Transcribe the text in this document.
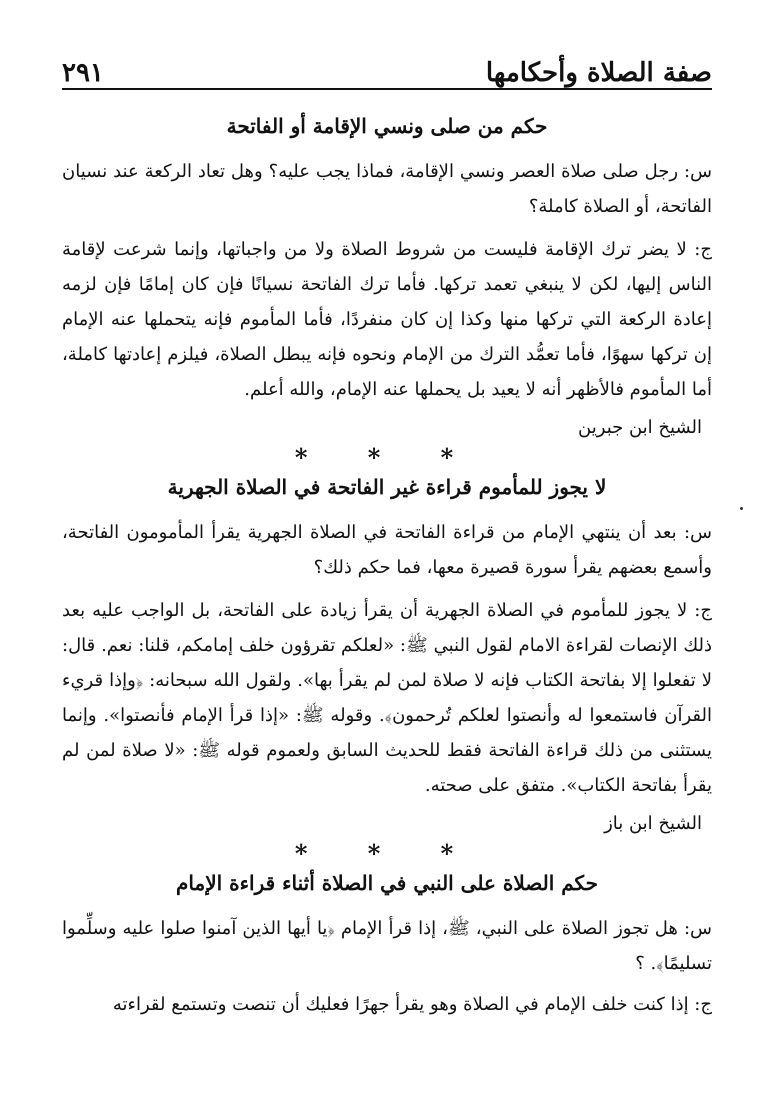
صفة الصلاة وأحكامها
٢٩١
حكم من صلى ونسي الإقامة أو الفاتحة

س: رجل صلى صلاة العصر ونسي الإقامة، فماذا يجب عليه؟ وهل تعاد الركعة عند نسيان الفاتحة، أو الصلاة كاملة؟

ج: لا يضر ترك الإقامة فليست من شروط الصلاة ولا من واجباتها، وإنما شرعت لإقامة الناس إليها، لكن لا ينبغي تعمد تركها. فأما ترك الفاتحة نسيانًا فإن كان إمامًا فإن لزمه إعادة الركعة التي تركها منها وكذا إن كان منفردًا، فأما المأموم فإنه يتحملها عنه الإمام إن تركها سهوًا، فأما تعمُّد الترك من الإمام ونحوه فإنه يبطل الصلاة، فيلزم إعادتها كاملة، أما المأموم فالأظهر أنه لا يعيد بل يحملها عنه الإمام، والله أعلم.

الشيخ ابن جبرين
* * *
لا يجوز للمأموم قراءة غير الفاتحة في الصلاة الجهرية

س: بعد أن ينتهي الإمام من قراءة الفاتحة في الصلاة الجهرية يقرأ المأمومون الفاتحة، وأسمع بعضهم يقرأ سورة قصيرة معها، فما حكم ذلك؟

ج: لا يجوز للمأموم في الصلاة الجهرية أن يقرأ زيادة على الفاتحة، بل الواجب عليه بعد ذلك الإنصات لقراءة الامام لقول النبي ﷺ: «لعلكم تقرؤون خلف إمامكم، قلنا: نعم. قال: لا تفعلوا إلا بفاتحة الكتاب فإنه لا صلاة لمن لم يقرأ بها». ولقول الله سبحانه: ﴿وإذا قريء القرآن فاستمعوا له وأنصتوا لعلكم تُرحمون﴾. وقوله ﷺ: «إذا قرأ الإمام فأنصتوا». وإنما يستثنى من ذلك قراءة الفاتحة فقط للحديث السابق ولعموم قوله ﷺ: «لا صلاة لمن لم يقرأ بفاتحة الكتاب». متفق على صحته.

الشيخ ابن باز
* * *
حكم الصلاة على النبي في الصلاة أثناء قراءة الإمام

س: هل تجوز الصلاة على النبي، ﷺ، إذا قرأ الإمام ﴿يا أيها الذين آمنوا صلوا عليه وسلِّموا تسليمًا﴾. ؟

ج: إذا كنت خلف الإمام في الصلاة وهو يقرأ جهرًا فعليك أن تنصت وتستمع لقراءته
